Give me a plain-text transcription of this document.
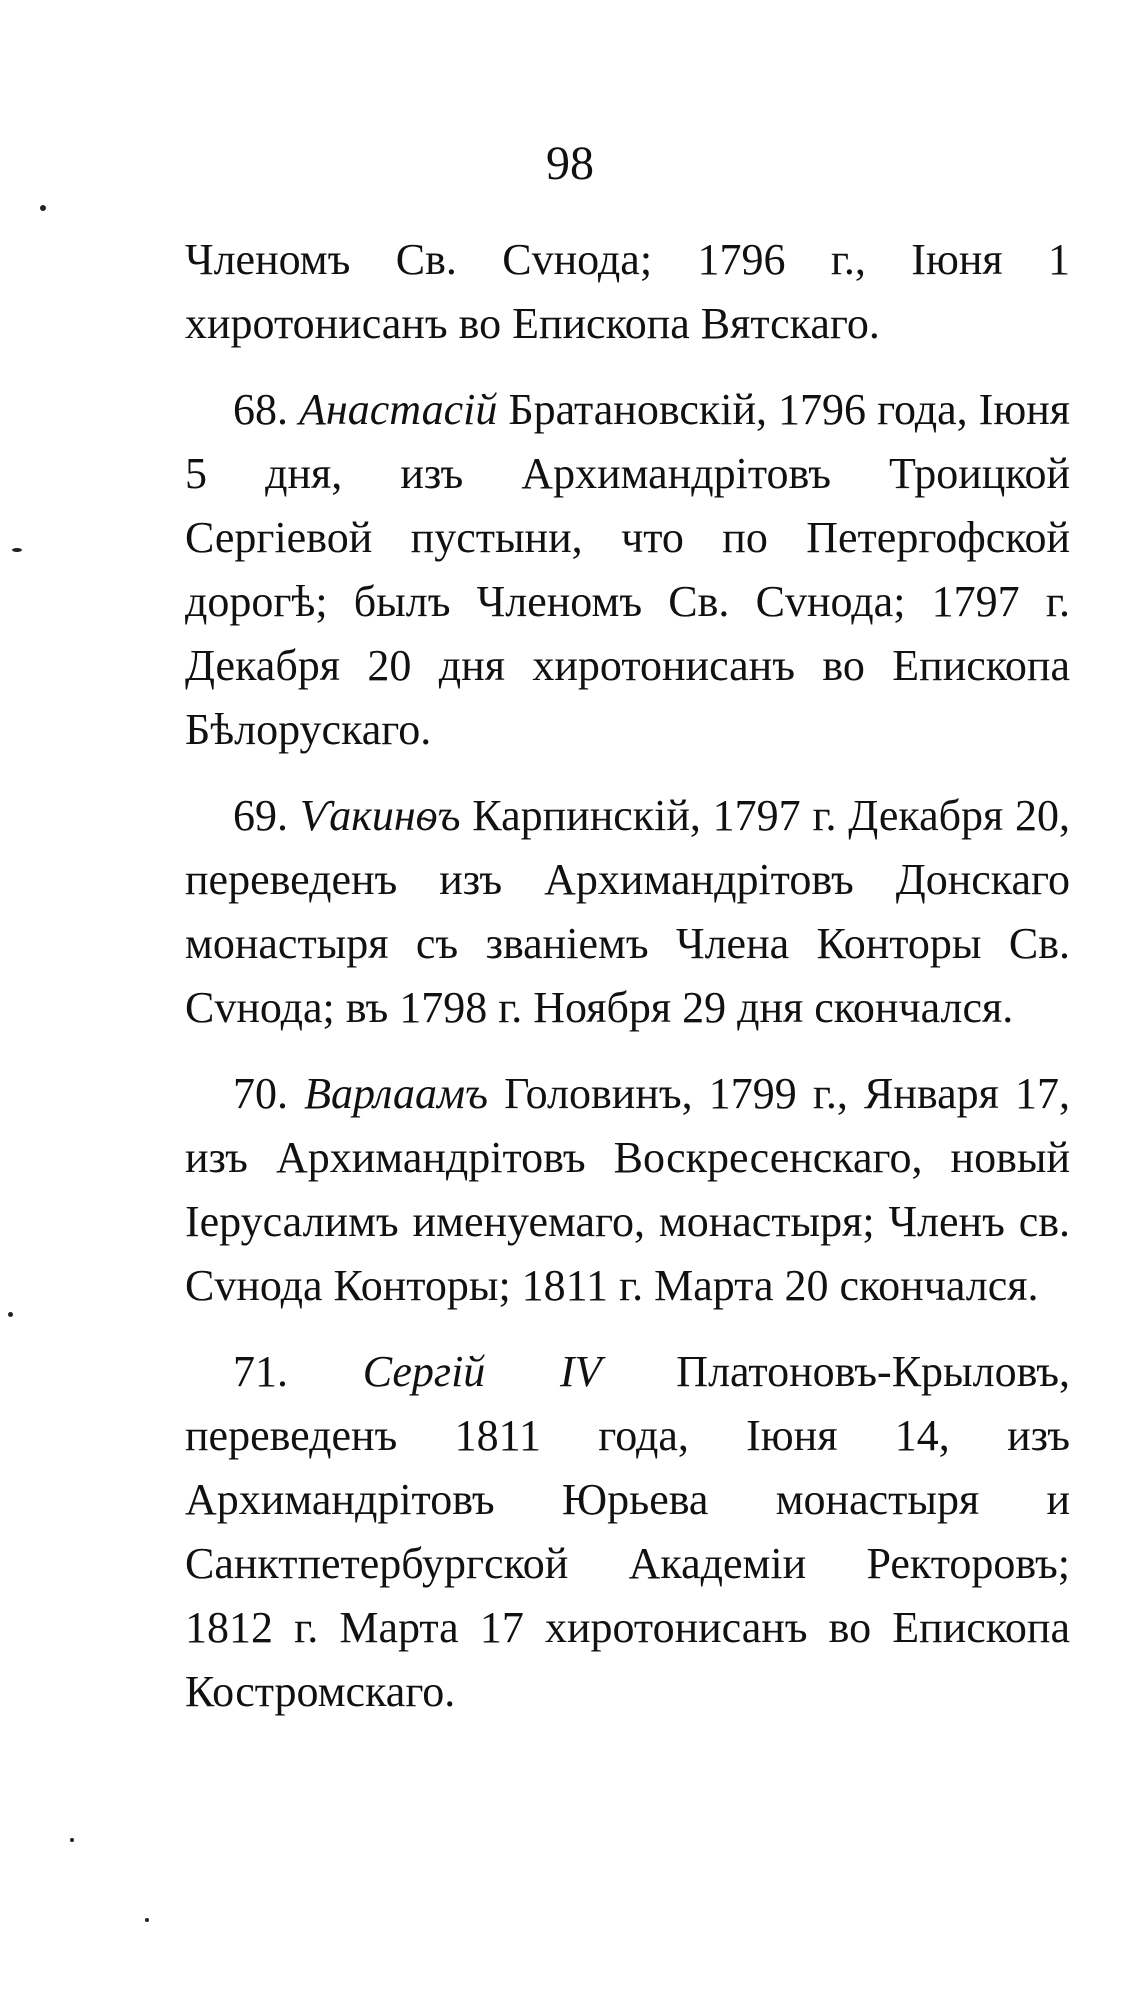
98

Членомъ Св. Сvнода; 1796 г., Іюня 1 хиротонисанъ во Епископа Вятскаго.

68. Анастасій Братановскій, 1796 года, Іюня 5 дня, изъ Архимандрітовъ Троицкой Сергіевой пустыни, что по Петергофской дорогѣ; былъ Членомъ Св. Сvнода; 1797 г. Декабря 20 дня хиротонисанъ во Епископа Бѣлорускаго.

69. Ѵакинѳъ Карпинскій, 1797 г. Декабря 20, переведенъ изъ Архимандрітовъ Донскаго монастыря съ званіемъ Члена Конторы Св. Сvнода; въ 1798 г. Ноября 29 дня скончался.

70. Варлаамъ Головинъ, 1799 г., Января 17, изъ Архимандрітовъ Воскресенскаго, новый Іерусалимъ именуемаго, монастыря; Членъ св. Сvнода Конторы; 1811 г. Марта 20 скончался.

71. Сергій IV Платоновъ-Крыловъ, переведенъ 1811 года, Іюня 14, изъ Архимандрітовъ Юрьева монастыря и Санктпетербургской Академіи Ректоровъ; 1812 г. Марта 17 хиротонисанъ во Епископа Костромскаго.
